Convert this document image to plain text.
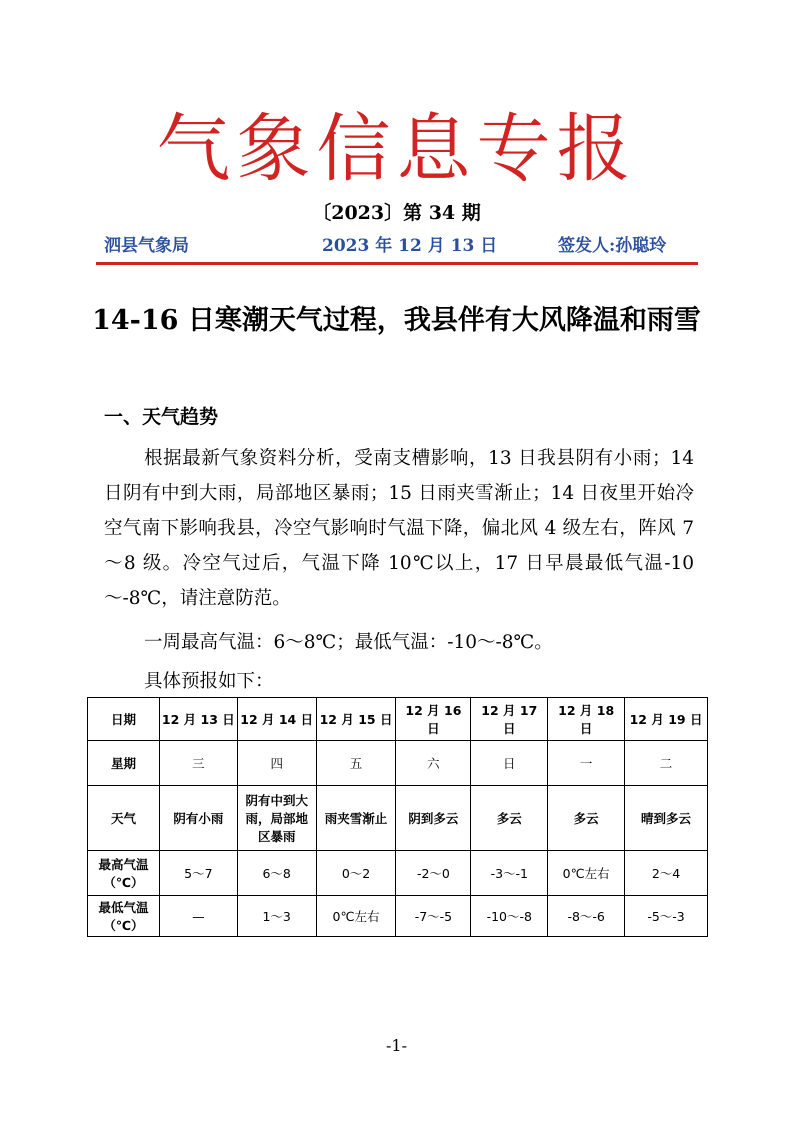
气象信息专报
〔2023〕第 34 期
泗县气象局	2023 年 12 月 13 日	签发人:孙聪玲
14-16 日寒潮天气过程，我县伴有大风降温和雨雪
一、天气趋势
根据最新气象资料分析，受南支槽影响，13 日我县阴有小雨；14 日阴有中到大雨，局部地区暴雨；15 日雨夹雪渐止；14 日夜里开始冷空气南下影响我县，冷空气影响时气温下降，偏北风 4 级左右，阵风 7～8 级。冷空气过后，气温下降 10℃以上，17 日早晨最低气温-10～-8℃，请注意防范。
一周最高气温：6～8℃；最低气温：-10～-8℃。
具体预报如下：
日期	12 月 13 日	12 月 14 日	12 月 15 日	12 月 16 日	12 月 17 日	12 月 18 日	12 月 19 日
星期	三	四	五	六	日	一	二
天气	阴有小雨	阴有中到大雨，局部地区暴雨	雨夹雪渐止	阴到多云	多云	多云	晴到多云
最高气温（℃）	5～7	6～8	0～2	-2～0	-3～-1	0℃左右	2～4
最低气温（℃）	—	1～3	0℃左右	-7～-5	-10～-8	-8～-6	-5～-3
-1-
